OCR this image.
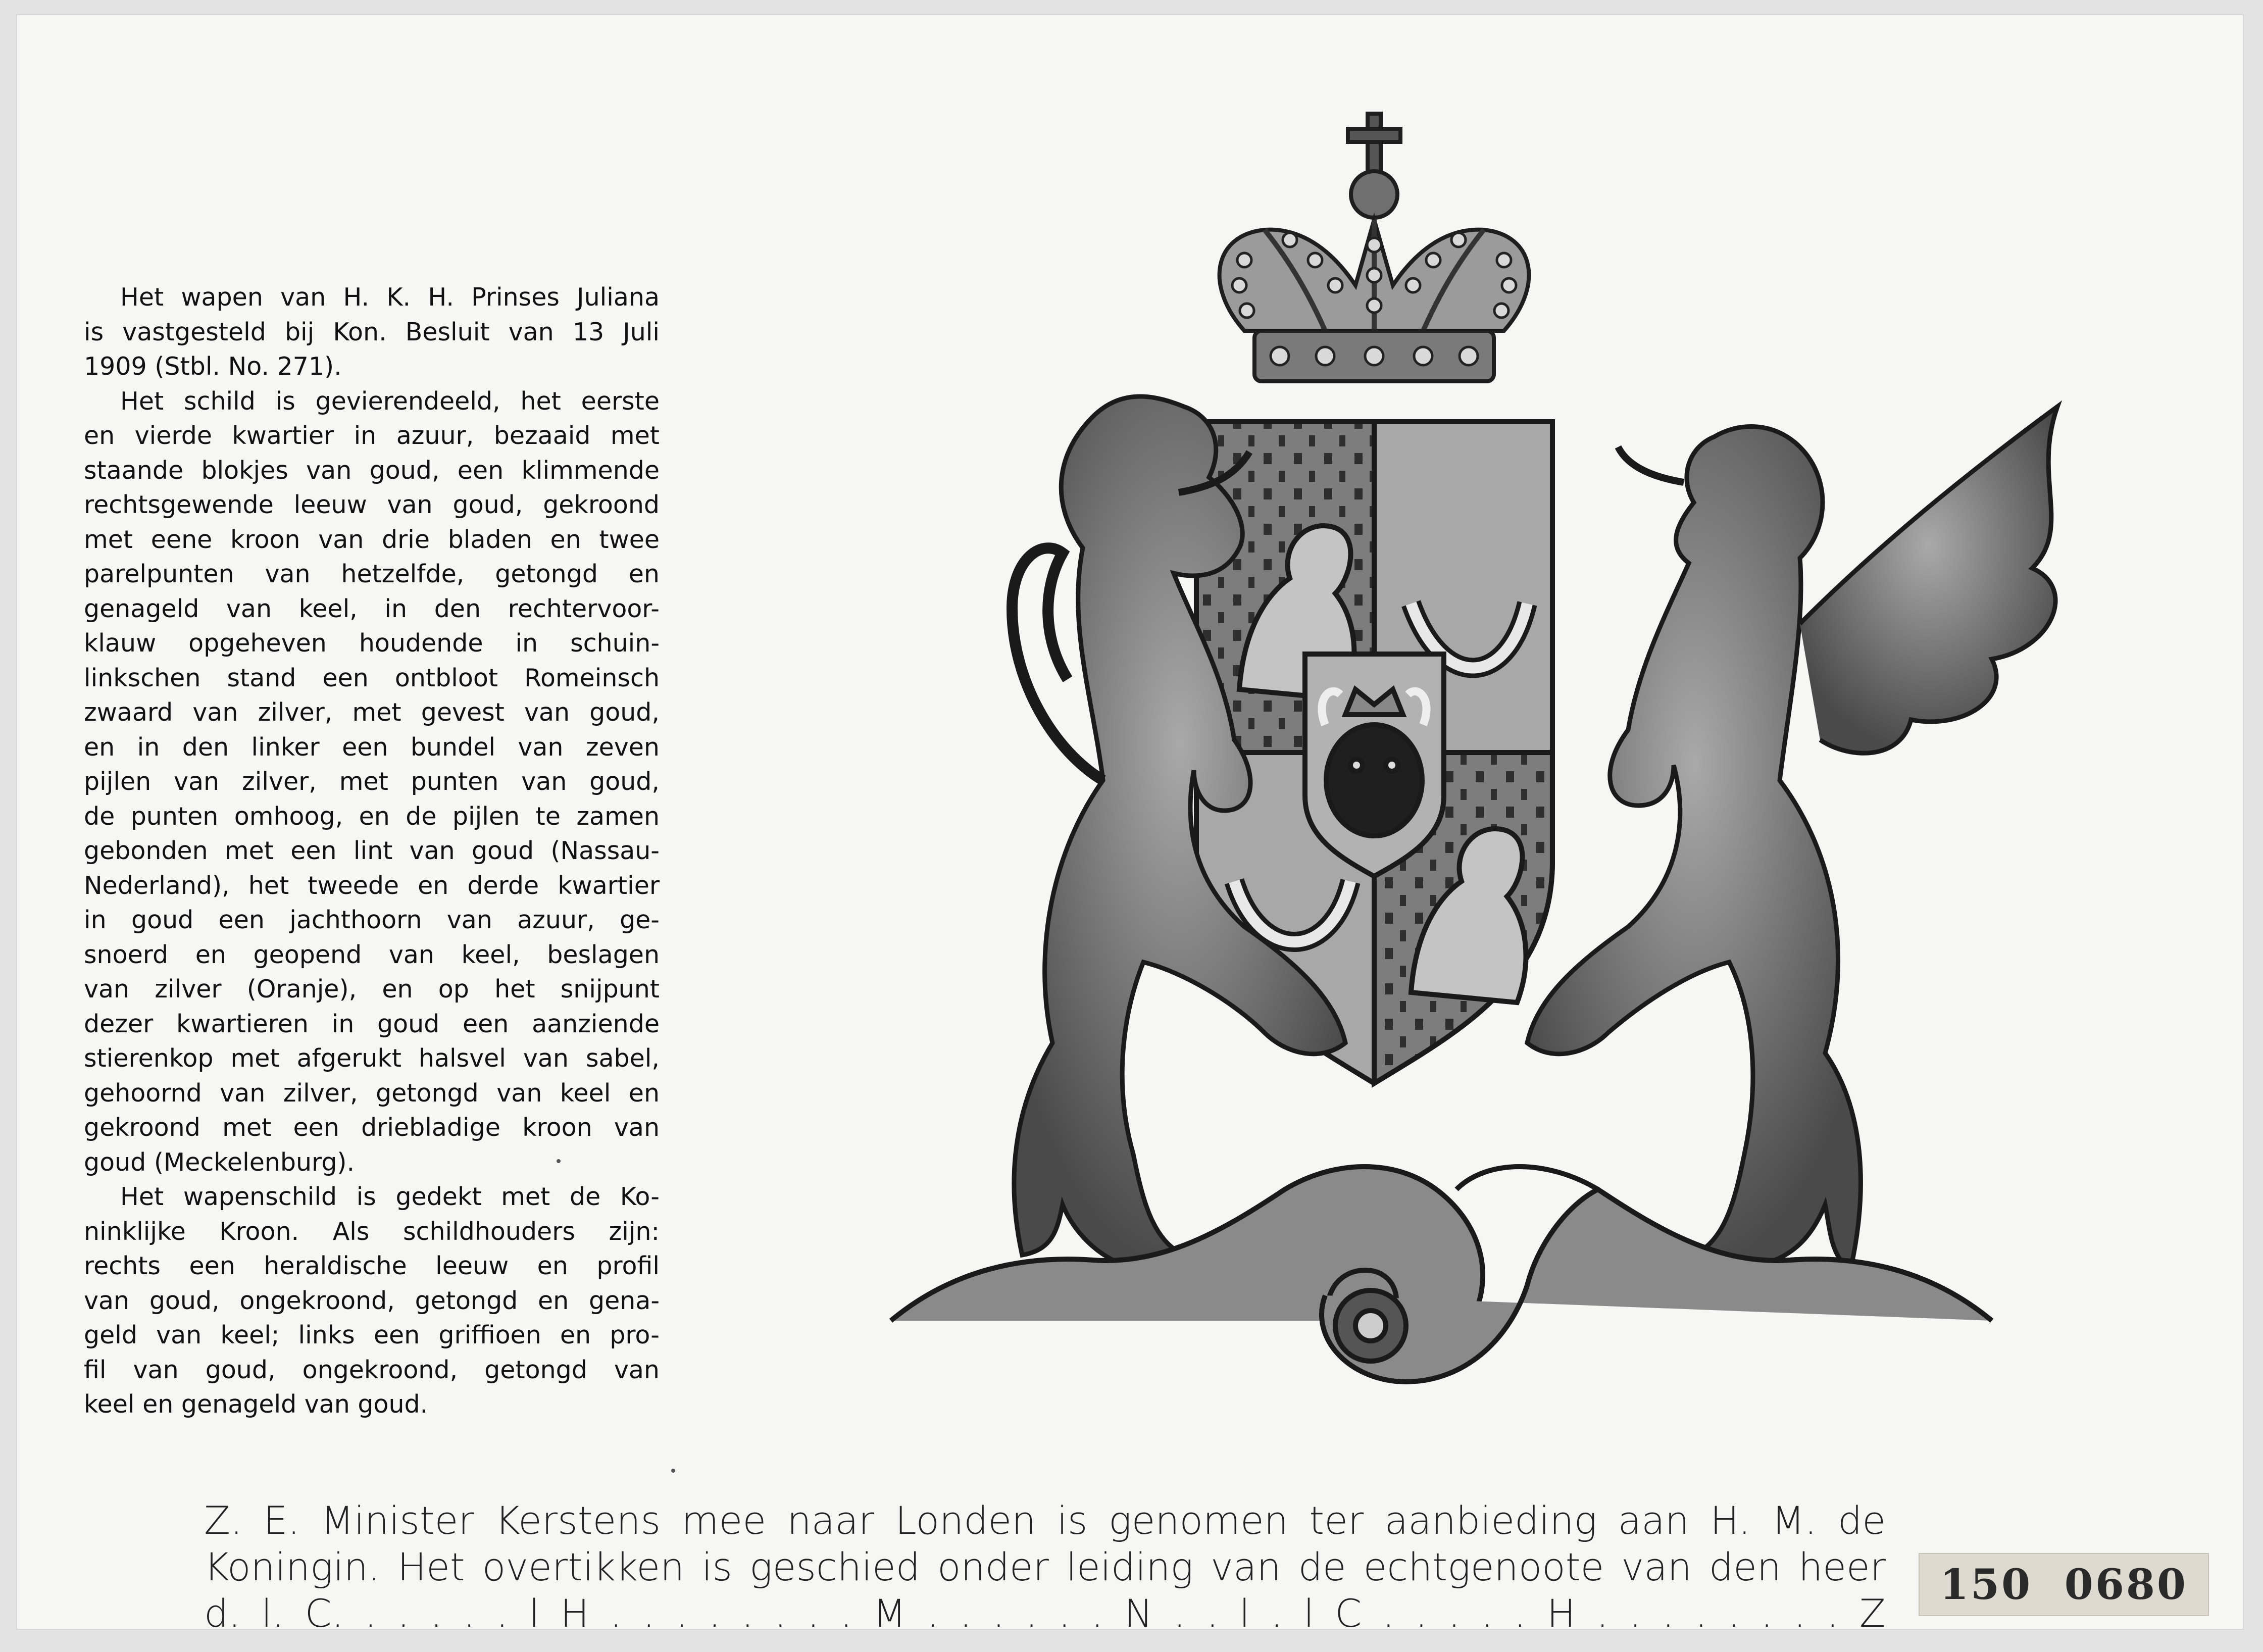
Het wapen van H. K. H. Prinses Juliana
is vastgesteld bij Kon. Besluit van 13 Juli
1909 (Stbl. No. 271).
Het schild is gevierendeeld, het eerste
en vierde kwartier in azuur, bezaaid met
staande blokjes van goud, een klimmende
rechtsgewende leeuw van goud, gekroond
met eene kroon van drie bladen en twee
parelpunten van hetzelfde, getongd en
genageld van keel, in den rechtervoor-
klauw opgeheven houdende in schuin-
linkschen stand een ontbloot Romeinsch
zwaard van zilver, met gevest van goud,
en in den linker een bundel van zeven
pijlen van zilver, met punten van goud,
de punten omhoog, en de pijlen te zamen
gebonden met een lint van goud (Nassau-
Nederland), het tweede en derde kwartier
in goud een jachthoorn van azuur, ge-
snoerd en geopend van keel, beslagen
van zilver (Oranje), en op het snijpunt
dezer kwartieren in goud een aanziende
stierenkop met afgerukt halsvel van sabel,
gehoornd van zilver, getongd van keel en
gekroond met een driebladige kroon van
goud (Meckelenburg).
Het wapenschild is gedekt met de Ko-
ninklijke Kroon. Als schildhouders zijn:
rechts een heraldische leeuw en profil
van goud, ongekroond, getongd en gena-
geld van keel; links een griffioen en pro-
fil van goud, ongekroond, getongd van
keel en genageld van goud.
Z. E. Minister Kerstens mee naar Londen is genomen ter aanbieding aan H. M. de
Koningin. Het overtikken is geschied onder leiding van de echtgenoote van den heer
d. l. C. . . . . . l H . . . . . . . . M . . . . . . N . . l . l C . . . . . H . . . . . . . . Z
150 0680
